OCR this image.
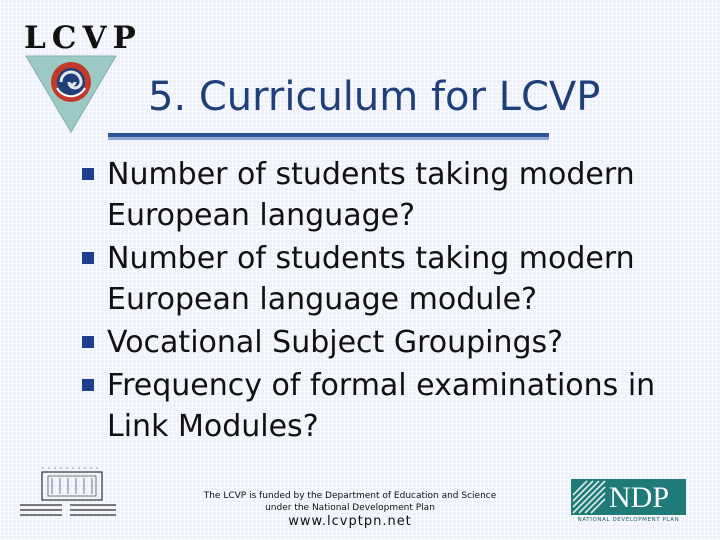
LCVP
5. Curriculum for LCVP
Number of students taking modern European language?
Number of students taking modern European language module?
Vocational Subject Groupings?
Frequency of formal examinations in Link Modules?
The LCVP is funded by the Department of Education and Science
under the National Development Plan
www.lcvptpn.net
NDP
NATIONAL DEVELOPMENT PLAN
